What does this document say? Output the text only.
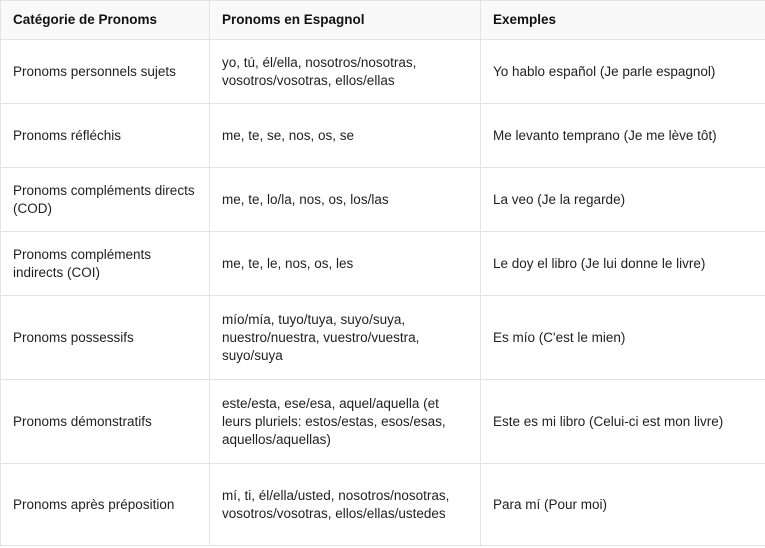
Catégorie de Pronoms	Pronoms en Espagnol	Exemples	
Pronoms personnels sujets	yo, tú, él/ella, nosotros/nosotras, vosotros/vosotras, ellos/ellas	Yo hablo español (Je parle espagnol)	
Pronoms réfléchis	me, te, se, nos, os, se	Me levanto temprano (Je me lève tôt)	
Pronoms compléments directs (COD)	me, te, lo/la, nos, os, los/las	La veo (Je la regarde)	
Pronoms compléments indirects (COI)	me, te, le, nos, os, les	Le doy el libro (Je lui donne le livre)	
Pronoms possessifs	mío/mía, tuyo/tuya, suyo/suya, nuestro/nuestra, vuestro/vuestra, suyo/suya	Es mío (C'est le mien)	
Pronoms démonstratifs	este/esta, ese/esa, aquel/aquella (et leurs pluriels: estos/estas, esos/esas, aquellos/aquellas)	Este es mi libro (Celui-ci est mon livre)	
Pronoms après préposition	mí, ti, él/ella/usted, nosotros/nosotras, vosotros/vosotras, ellos/ellas/ustedes	Para mí (Pour moi)	
